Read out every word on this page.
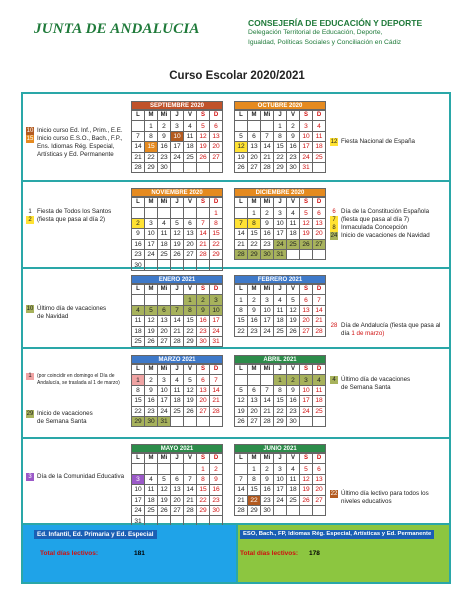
JUNTA DE ANDALUCIA	CONSEJERÍA DE EDUCACIÓN Y DEPORTE
Delegación Territorial de Educación, Deporte,
Igualdad, Políticas Sociales y Conciliación en Cádiz
Curso Escolar 2020/2021
SEPTIEMBRE 2020
L	M	Mi	J	V	S	D
	1	2	3	4	5	6
7	8	9	10	11	12	13
14	15	16	17	18	19	20
21	22	23	24	25	26	27
28	29	30				
OCTUBRE 2020
L	M	Mi	J	V	S	D
			1	2	3	4
5	6	7	8	9	10	11
12	13	14	15	16	17	18
19	20	21	22	23	24	25
26	27	28	29	30	31	
NOVIEMBRE 2020
L	M	Mi	J	V	S	D
						1
2	3	4	5	6	7	8
9	10	11	12	13	14	15
16	17	18	19	20	21	22
23	24	25	26	27	28	29
30						
DICIEMBRE 2020
L	M	Mi	J	V	S	D
	1	2	3	4	5	6
7	8	9	10	11	12	13
14	15	16	17	18	19	20
21	22	23	24	25	26	27
28	29	30	31			
ENERO 2021
L	M	Mi	J	V	S	D
				1	2	3
4	5	6	7	8	9	10
11	12	13	14	15	16	17
18	19	20	21	22	23	24
25	26	27	28	29	30	31
FEBRERO 2021
L	M	Mi	J	V	S	D
1	2	3	4	5	6	7
8	9	10	11	12	13	14
15	16	17	18	19	20	21
22	23	24	25	26	27	28
MARZO 2021
L	M	Mi	J	V	S	D
1	2	3	4	5	6	7
8	9	10	11	12	13	14
15	16	17	18	19	20	21
22	23	24	25	26	27	28
29	30	31				
ABRIL 2021
L	M	Mi	J	V	S	D
			1	2	3	4
5	6	7	8	9	10	11
12	13	14	15	16	17	18
19	20	21	22	23	24	25
26	27	28	29	30		
MAYO 2021
L	M	Mi	J	V	S	D
					1	2
3	4	5	6	7	8	9
10	11	12	13	14	15	16
17	18	19	20	21	22	23
24	25	26	27	28	29	30
31						
JUNIO 2021
L	M	Mi	J	V	S	D
	1	2	3	4	5	6
7	8	9	10	11	12	13
14	15	16	17	18	19	20
21	22	23	24	25	26	27
28	29	30				
10 Inicio curso Ed. Inf., Prim., E.E.
15 Inicio curso E.S.O., Bach., F.P.,
Ens. Idiomas Rég. Especial,
Artísticas y Ed. Permanente
12 Fiesta Nacional de España
1 Fiesta de Todos los Santos
2 (fiesta que pasa al día 2)
6 Día de la Constitución Española
7 (fiesta que pasa al día 7)
8 Inmaculada Concepción
24 Inicio de vacaciones de Navidad
10 Último día de vacaciones
de Navidad
28 Día de Andalucía (fiesta que pasa al
día 1 de marzo)
1 (por coincidir en domingo el Día de
Andalucía, se traslada al 1 de marzo)
29 Inicio de vacaciones
de Semana Santa
4 Último día de vacaciones
de Semana Santa
3 Día de la Comunidad Educativa
22 Último día lectivo para todos los
niveles educativos
Ed. Infantil, Ed. Primaria y Ed. Especial
Total días lectivos:	181
ESO, Bach., FP, Idiomas Rég. Especial, Artísticas y Ed. Permanente
Total días lectivos: 178
